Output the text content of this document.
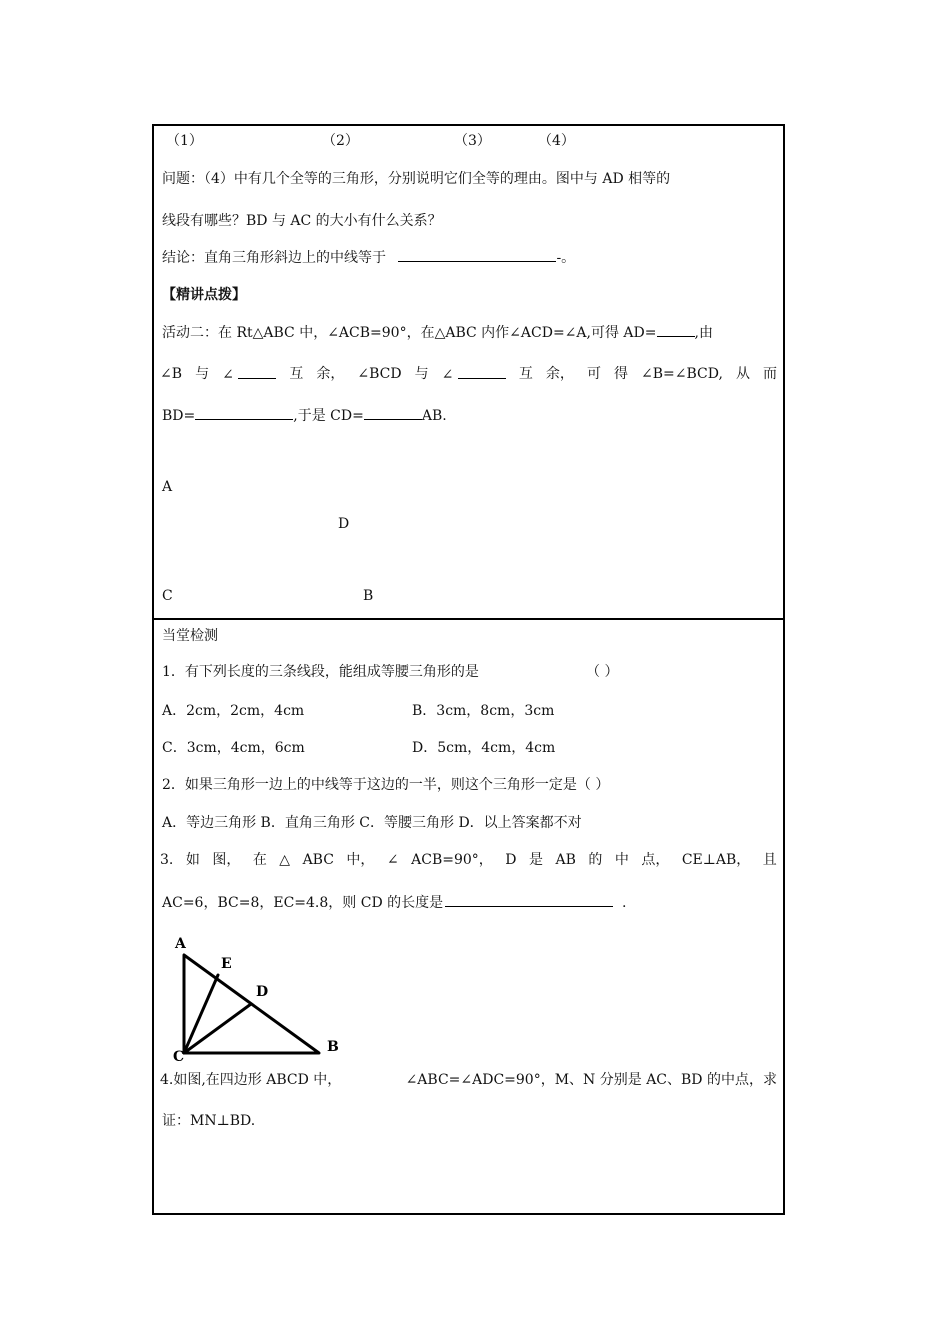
（1）	（2）	（3）	（4）
问题：（4）中有几个全等的三角形，分别说明它们全等的理由。图中与 AD 相等的
线段有哪些？BD 与 AC 的大小有什么关系？
结论：直角三角形斜边上的中线等于	-。
【精讲点拨】
活动二：在 Rt△ABC 中，∠ACB=90°，在△ABC 内作∠ACD=∠A,可得 AD=	,由
∠B 与 ∠	互 余， ∠BCD 与 ∠	互 余， 可 得 ∠B=∠BCD, 从 而
BD=	,于是 CD=	AB.
A
D
C	B
当堂检测
1．有下列长度的三条线段，能组成等腰三角形的是	（ ）
A．2cm，2cm，4cm	B．3cm，8cm，3cm
C．3cm，4cm，6cm	D．5cm，4cm，4cm
2．如果三角形一边上的中线等于这边的一半，则这个三角形一定是（ ）
A．等边三角形 B．直角三角形 C．等腰三角形 D．以上答案都不对
3. 如 图， 在 △ ABC 中， ∠ ACB=90°， D 是 AB 的 中 点， CE⊥AB， 且
AC=6，BC=8，EC=4.8，则 CD 的长度是	.
A
E
D
C
B
4.如图,在四边形 ABCD 中，	∠ABC=∠ADC=90°，M、N 分别是 AC、BD 的中点，求
证：MN⊥BD.
